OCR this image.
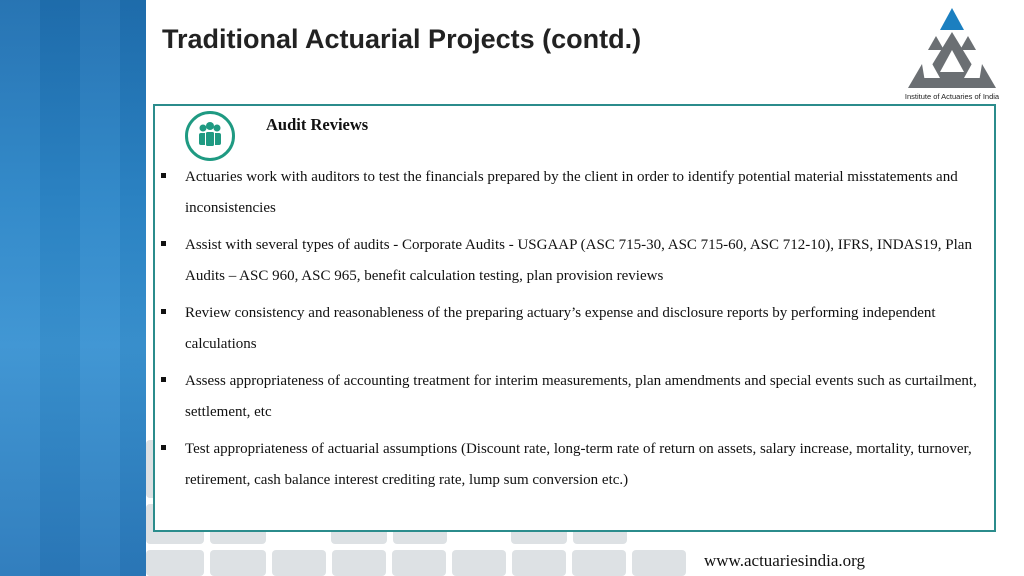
Traditional Actuarial Projects (contd.)
Institute of Actuaries of India
Audit Reviews
Actuaries work with auditors to test the financials prepared by the client in order to identify potential material misstatements and inconsistencies
Assist with several types of audits - Corporate Audits - USGAAP (ASC 715-30, ASC 715-60, ASC 712-10), IFRS, INDAS19, Plan Audits – ASC 960, ASC 965, benefit calculation testing, plan provision reviews
Review consistency and reasonableness of the preparing actuary’s expense and disclosure reports by performing independent calculations
Assess appropriateness of accounting treatment for interim measurements, plan amendments and special events such as curtailment, settlement, etc
Test appropriateness of actuarial assumptions (Discount rate, long-term rate of return on assets, salary increase, mortality, turnover, retirement, cash balance interest crediting rate, lump sum conversion etc.)

www.actuariesindia.org
